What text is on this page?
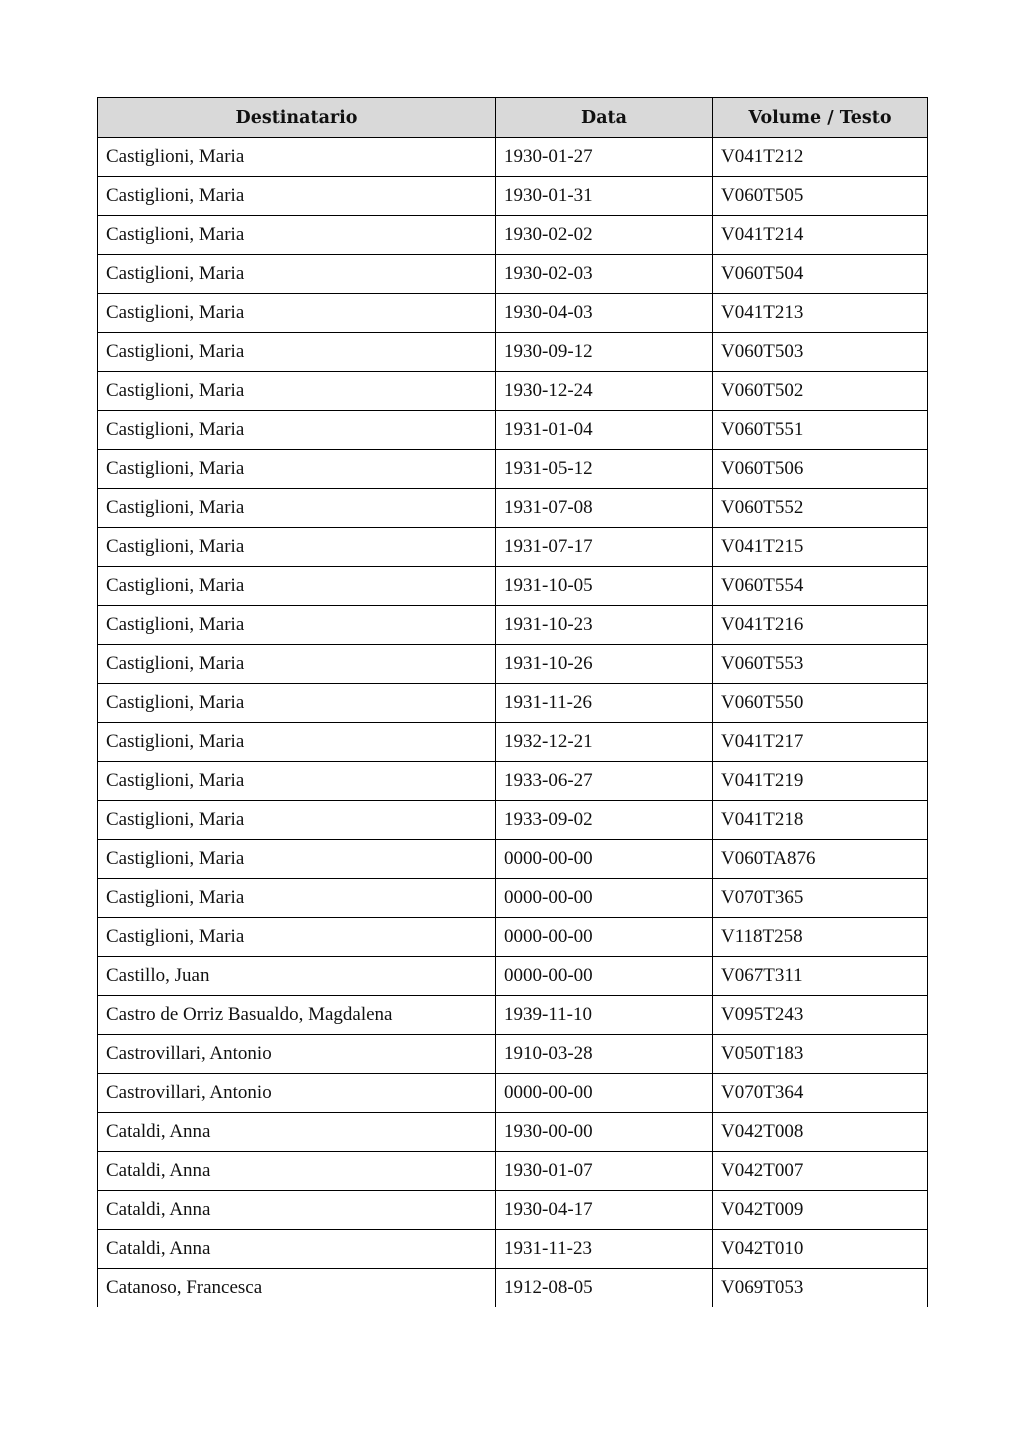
Destinatario	Data	Volume / Testo
Castiglioni, Maria	1930-01-27	V041T212
Castiglioni, Maria	1930-01-31	V060T505
Castiglioni, Maria	1930-02-02	V041T214
Castiglioni, Maria	1930-02-03	V060T504
Castiglioni, Maria	1930-04-03	V041T213
Castiglioni, Maria	1930-09-12	V060T503
Castiglioni, Maria	1930-12-24	V060T502
Castiglioni, Maria	1931-01-04	V060T551
Castiglioni, Maria	1931-05-12	V060T506
Castiglioni, Maria	1931-07-08	V060T552
Castiglioni, Maria	1931-07-17	V041T215
Castiglioni, Maria	1931-10-05	V060T554
Castiglioni, Maria	1931-10-23	V041T216
Castiglioni, Maria	1931-10-26	V060T553
Castiglioni, Maria	1931-11-26	V060T550
Castiglioni, Maria	1932-12-21	V041T217
Castiglioni, Maria	1933-06-27	V041T219
Castiglioni, Maria	1933-09-02	V041T218
Castiglioni, Maria	0000-00-00	V060TA876
Castiglioni, Maria	0000-00-00	V070T365
Castiglioni, Maria	0000-00-00	V118T258
Castillo, Juan	0000-00-00	V067T311
Castro de Orriz Basualdo, Magdalena	1939-11-10	V095T243
Castrovillari, Antonio	1910-03-28	V050T183
Castrovillari, Antonio	0000-00-00	V070T364
Cataldi, Anna	1930-00-00	V042T008
Cataldi, Anna	1930-01-07	V042T007
Cataldi, Anna	1930-04-17	V042T009
Cataldi, Anna	1931-11-23	V042T010
Catanoso, Francesca	1912-08-05	V069T053
